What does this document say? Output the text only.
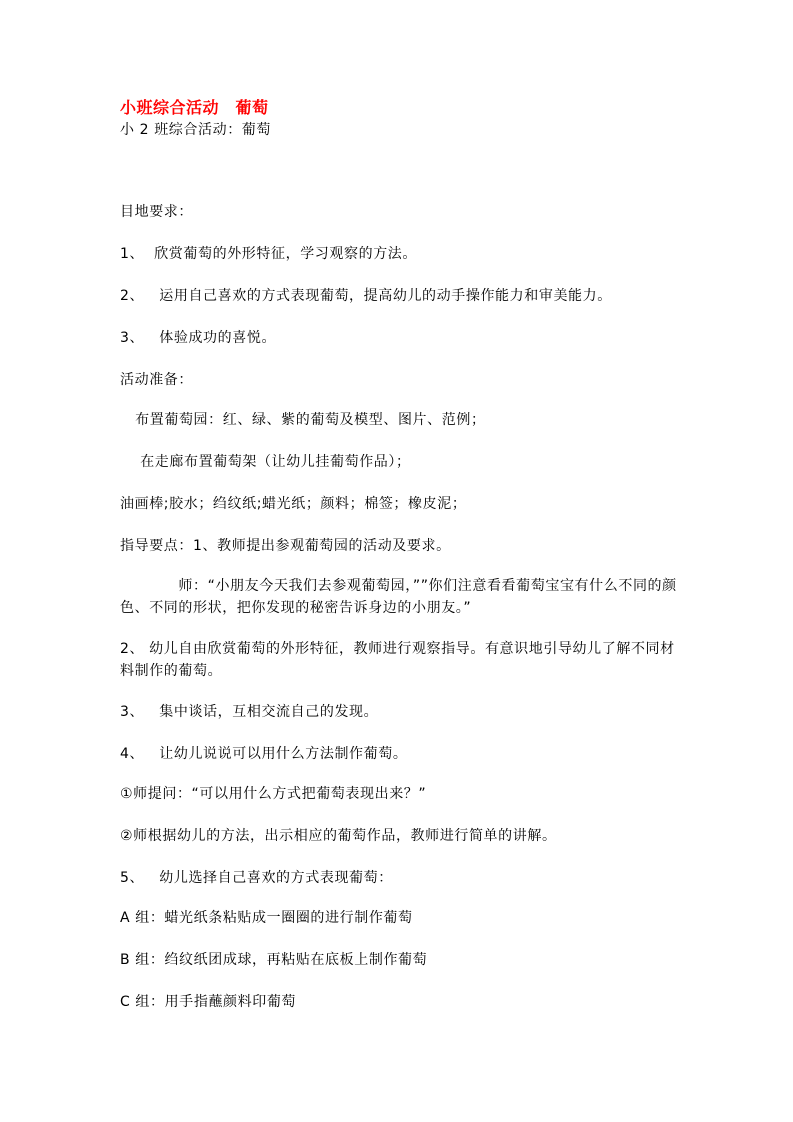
小班综合活动　葡萄
小 2 班综合活动：葡萄
目地要求：
1、  欣赏葡萄的外形特征，学习观察的方法。
2、   运用自己喜欢的方式表现葡萄，提高幼儿的动手操作能力和审美能力。
3、   体验成功的喜悦。
活动准备：
布置葡萄园：红、绿、紫的葡萄及模型、图片、范例；
在走廊布置葡萄架（让幼儿挂葡萄作品）；
油画棒;胶水；绉纹纸;蜡光纸；颜料；棉签；橡皮泥；
指导要点：1、教师提出参观葡萄园的活动及要求。
　　　　师：“小朋友今天我们去参观葡萄园，””你们注意看看葡萄宝宝有什么不同的颜色、不同的形状，把你发现的秘密告诉身边的小朋友。”
2、 幼儿自由欣赏葡萄的外形特征，教师进行观察指导。有意识地引导幼儿了解不同材料制作的葡萄。
3、   集中谈话，互相交流自己的发现。
4、   让幼儿说说可以用什么方法制作葡萄。
①师提问：“可以用什么方式把葡萄表现出来？”
②师根据幼儿的方法，出示相应的葡萄作品，教师进行简单的讲解。
5、   幼儿选择自己喜欢的方式表现葡萄：
A 组：蜡光纸条粘贴成一圈圈的进行制作葡萄
B 组：绉纹纸团成球，再粘贴在底板上制作葡萄
C 组：用手指蘸颜料印葡萄
